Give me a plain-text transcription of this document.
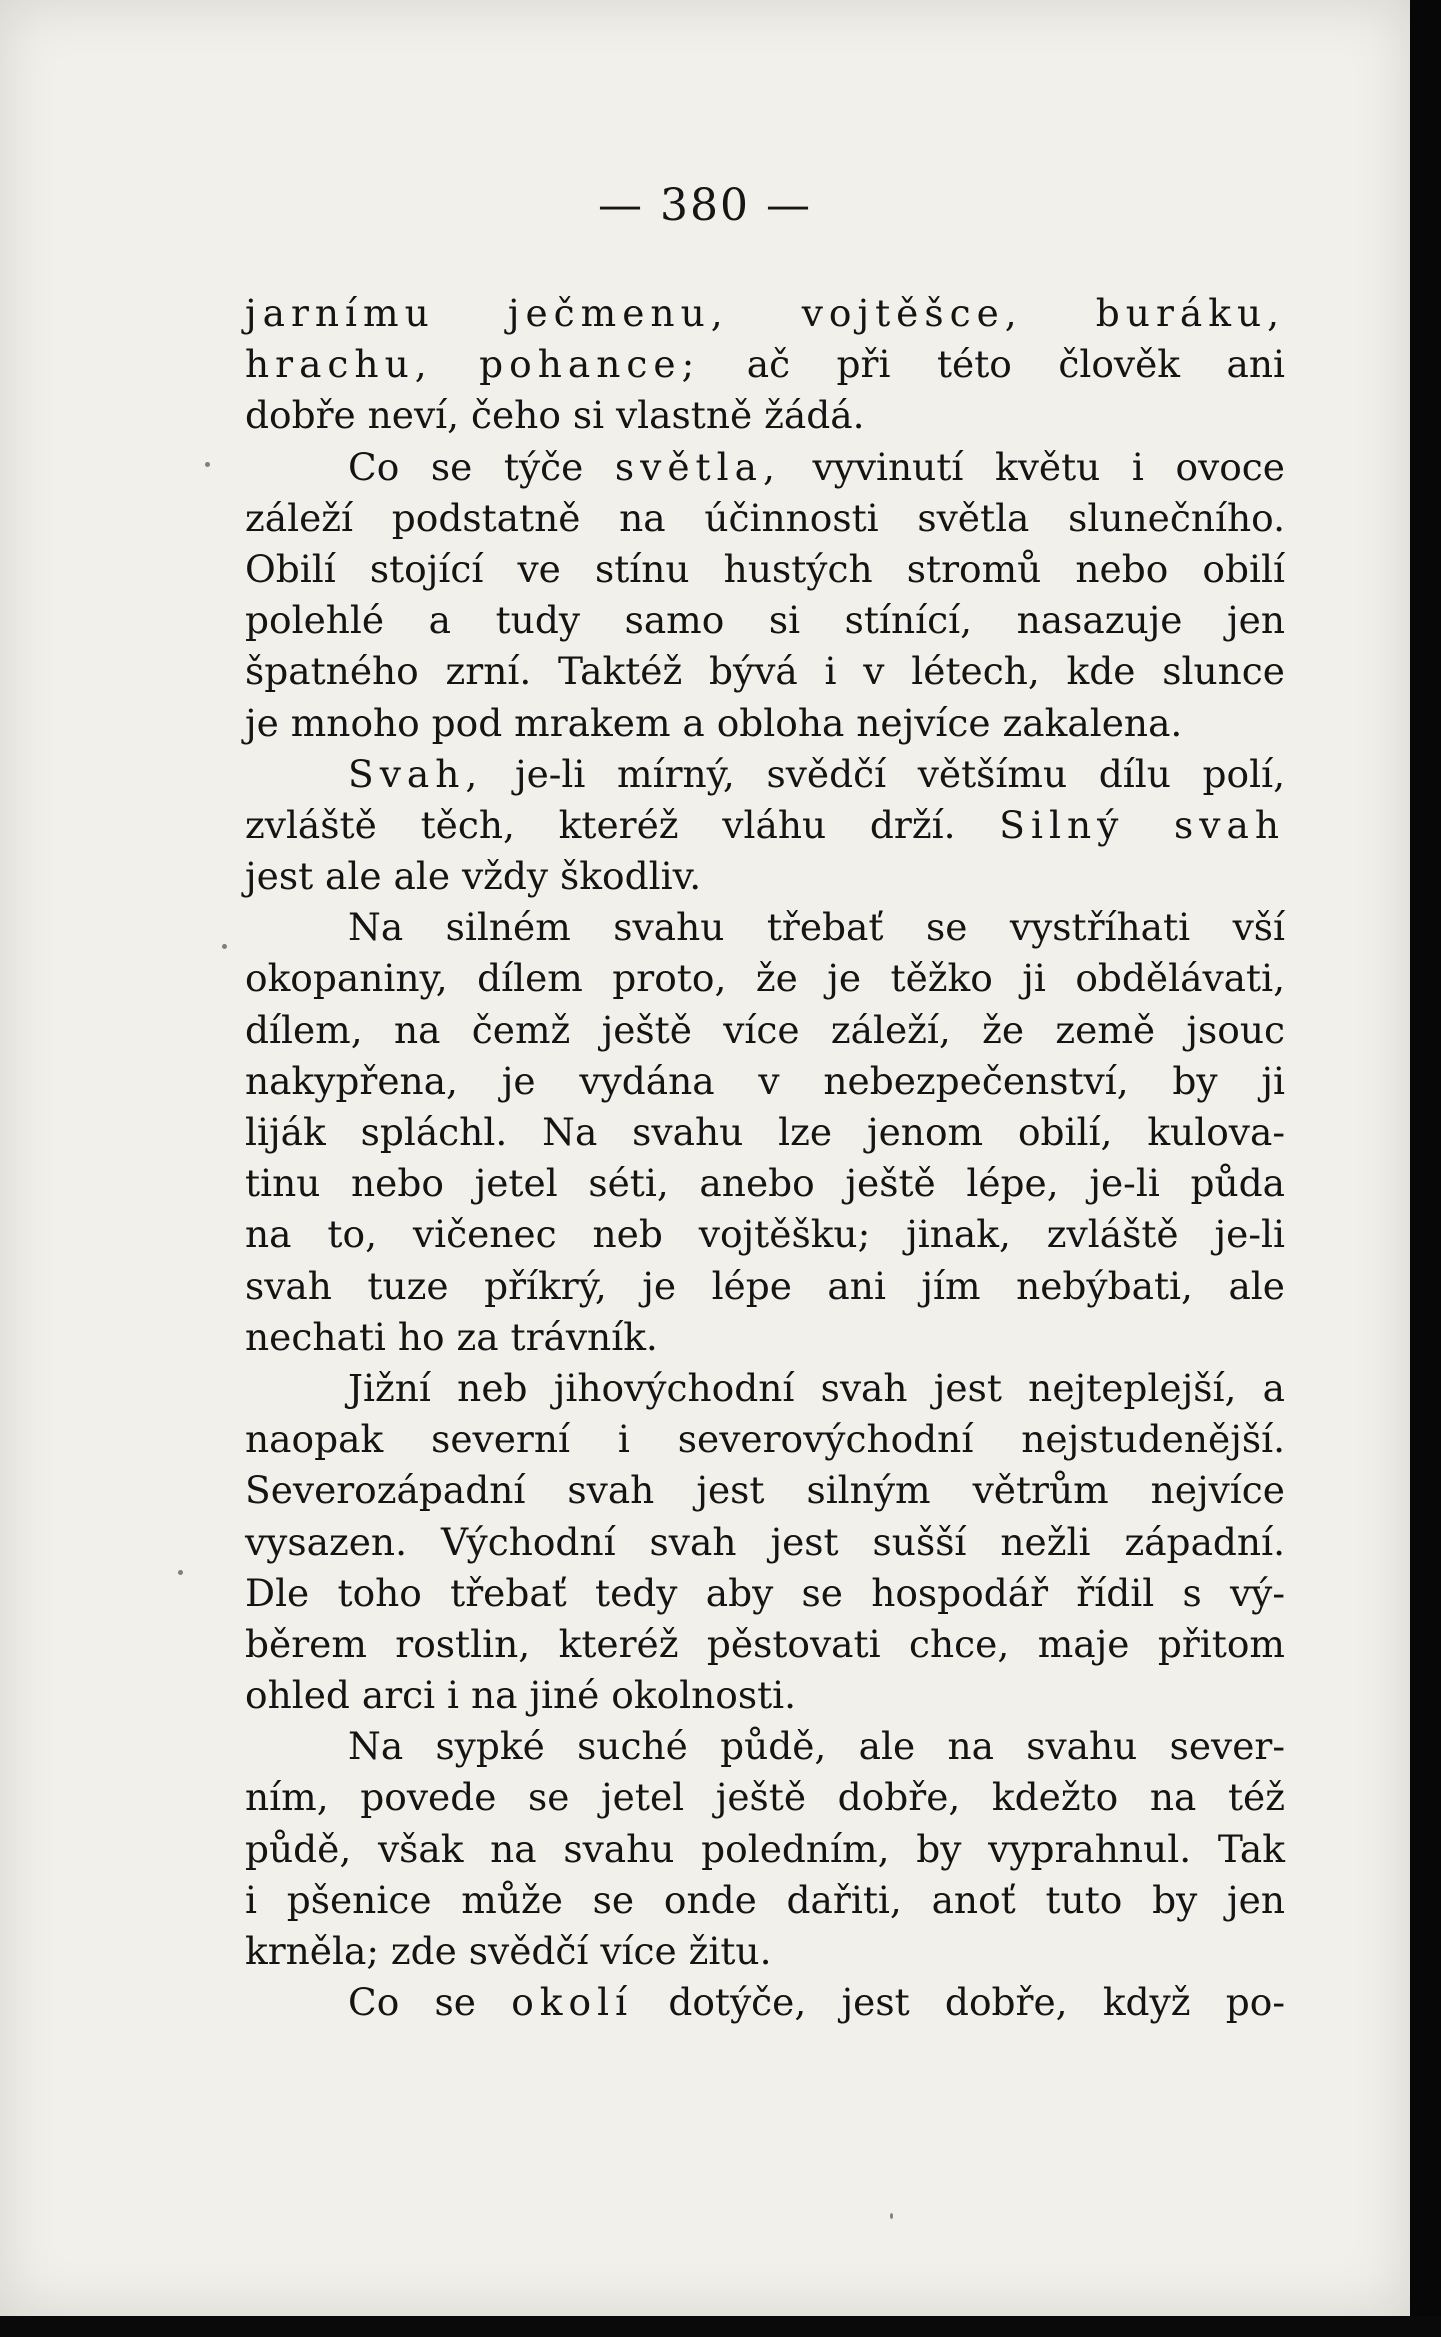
— 380 —
jarnímu ječmenu, vojtěšce, buráku,
hrachu, pohance; ač při této člověk ani
dobře neví, čeho si vlastně žádá.
Co se týče světla, vyvinutí květu i ovoce
záleží podstatně na účinnosti světla slunečního.
Obilí stojící ve stínu hustých stromů nebo obilí
polehlé a tudy samo si stínící, nasazuje jen
špatného zrní. Taktéž bývá i v létech, kde slunce
je mnoho pod mrakem a obloha nejvíce zakalena.
Svah, je-li mírný, svědčí většímu dílu polí,
zvláště těch, kteréž vláhu drží. Silný svah
jest ale ale vždy škodliv.
Na silném svahu třebať se vystříhati vší
okopaniny, dílem proto, že je těžko ji obdělávati,
dílem, na čemž ještě více záleží, že země jsouc
nakypřena, je vydána v nebezpečenství, by ji
liják spláchl. Na svahu lze jenom obilí, kulova-
tinu nebo jetel séti, anebo ještě lépe, je-li půda
na to, vičenec neb vojtěšku; jinak, zvláště je-li
svah tuze příkrý, je lépe ani jím nebýbati, ale
nechati ho za trávník.
Jižní neb jihovýchodní svah jest nejteplejší, a
naopak severní i severovýchodní nejstudenější.
Severozápadní svah jest silným větrům nejvíce
vysazen. Východní svah jest sušší nežli západní.
Dle toho třebať tedy aby se hospodář řídil s vý-
běrem rostlin, kteréž pěstovati chce, maje přitom
ohled arci i na jiné okolnosti.
Na sypké suché půdě, ale na svahu sever-
ním, povede se jetel ještě dobře, kdežto na též
půdě, však na svahu poledním, by vyprahnul. Tak
i pšenice může se onde dařiti, anoť tuto by jen
krněla; zde svědčí více žitu.
Co se okolí dotýče, jest dobře, když po-
